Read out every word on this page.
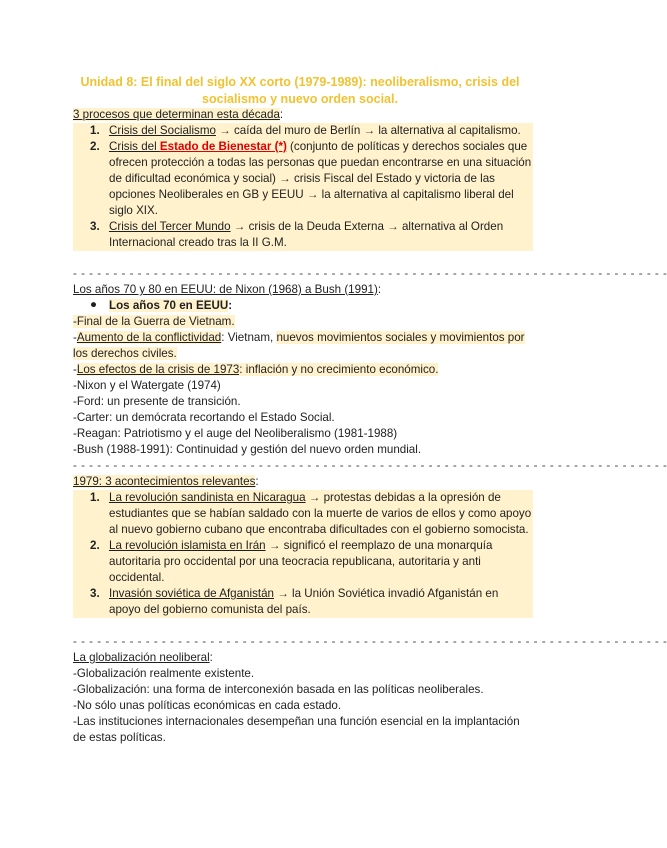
Unidad 8: El final del siglo XX corto (1979-1989): neoliberalismo, crisis del socialismo y nuevo orden social.
3 procesos que determinan esta década:
1. Crisis del Socialismo → caída del muro de Berlín → la alternativa al capitalismo.
2. Crisis del Estado de Bienestar (*) (conjunto de políticas y derechos sociales que ofrecen protección a todas las personas que puedan encontrarse en una situación de dificultad económica y social) → crisis Fiscal del Estado y victoria de las opciones Neoliberales en GB y EEUU → la alternativa al capitalismo liberal del siglo XIX.
3. Crisis del Tercer Mundo → crisis de la Deuda Externa → alternativa al Orden Internacional creado tras la II G.M.
- - - - - - - - - - - - - - - - - - - - - - - - - - - - - - - - - - - - - - - - - - - - - - - - - - - - - - - - - - - - - - - - - - - - - - - - - -
Los años 70 y 80 en EEUU: de Nixon (1968) a Bush (1991):
● Los años 70 en EEUU:
-Final de la Guerra de Vietnam.
-Aumento de la conflictividad: Vietnam, nuevos movimientos sociales y movimientos por los derechos civiles.
-Los efectos de la crisis de 1973: inflación y no crecimiento económico.
-Nixon y el Watergate (1974)
-Ford: un presente de transición.
-Carter: un demócrata recortando el Estado Social.
-Reagan: Patriotismo y el auge del Neoliberalismo (1981-1988)
-Bush (1988-1991): Continuidad y gestión del nuevo orden mundial.
- - - - - - - - - - - - - - - - - - - - - - - - - - - - - - - - - - - - - - - - - - - - - - - - - - - - - - - - - - - - - - - - - - - - - - - - - -
1979: 3 acontecimientos relevantes:
1. La revolución sandinista en Nicaragua → protestas debidas a la opresión de estudiantes que se habían saldado con la muerte de varios de ellos y como apoyo al nuevo gobierno cubano que encontraba dificultades con el gobierno somocista.
2. La revolución islamista en Irán → significó el reemplazo de una monarquía autoritaria pro occidental por una teocracia republicana, autoritaria y anti occidental.
3. Invasión soviética de Afganistán → la Unión Soviética invadió Afganistán en apoyo del gobierno comunista del país.
- - - - - - - - - - - - - - - - - - - - - - - - - - - - - - - - - - - - - - - - - - - - - - - - - - - - - - - - - - - - - - - - - - - - - - - - - -
La globalización neoliberal:
-Globalización realmente existente.
-Globalización: una forma de interconexión basada en las políticas neoliberales.
-No sólo unas políticas económicas en cada estado.
-Las instituciones internacionales desempeñan una función esencial en la implantación de estas políticas.
